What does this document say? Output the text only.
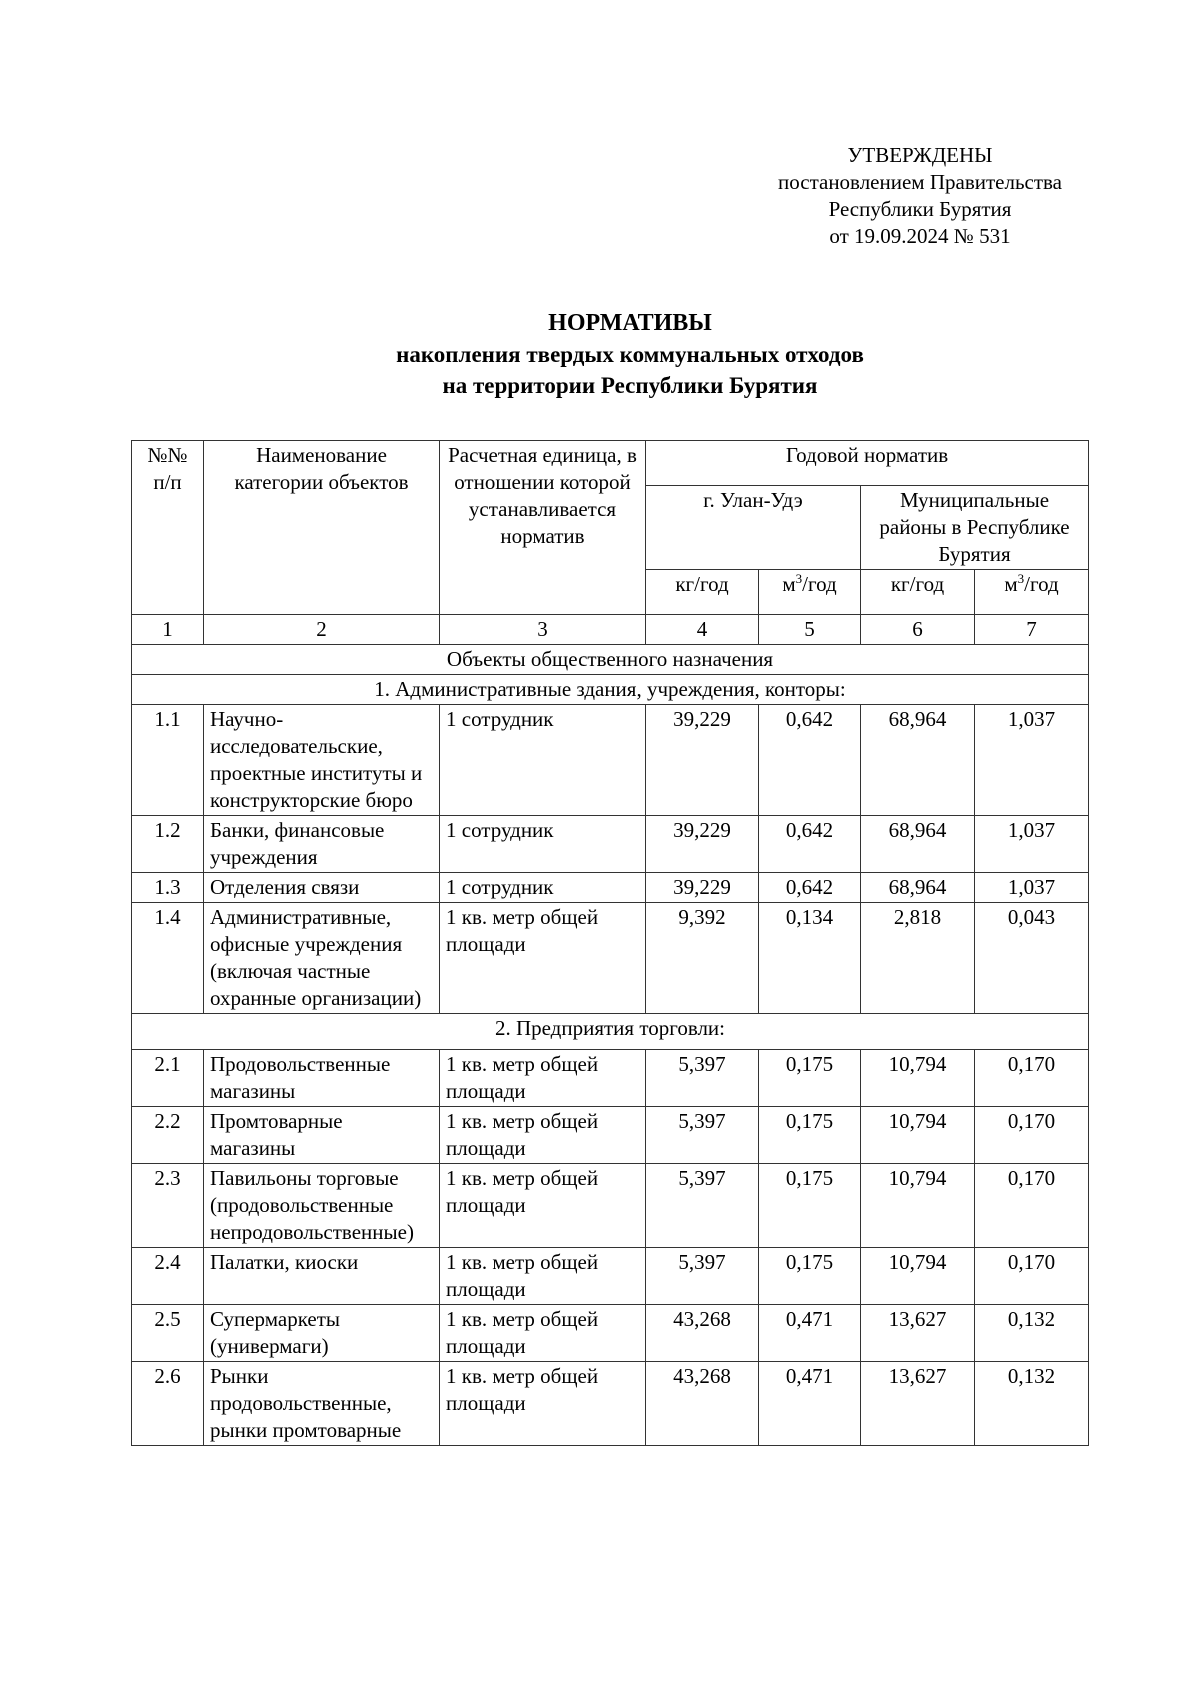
УТВЕРЖДЕНЫ
постановлением Правительства
Республики Бурятия
от 19.09.2024 № 531
НОРМАТИВЫ
накопления твердых коммунальных отходов
на территории Республики Бурятия
№№ п/п	Наименование категории объектов	Расчетная единица, в отношении которой устанавливается норматив	Годовой норматив			
			г. Улан-Удэ		Муниципальные районы в Республике Бурятия	
			кг/год	$м^3$/год	кг/год	$м^3$/год
1	2	3	4	5	6	7
Объекты общественного назначения						
1. Административные здания, учреждения, конторы:						
1.1	Научно-исследовательские, проектные институты и конструкторские бюро	1 сотрудник	39,229	0,642	68,964	1,037
1.2	Банки, финансовые учреждения	1 сотрудник	39,229	0,642	68,964	1,037
1.3	Отделения связи	1 сотрудник	39,229	0,642	68,964	1,037
1.4	Административные, офисные учреждения (включая частные охранные организации)	1 кв. метр общей площади	9,392	0,134	2,818	0,043
2. Предприятия торговли:						
2.1	Продовольственные магазины	1 кв. метр общей площади	5,397	0,175	10,794	0,170
2.2	Промтоварные магазины	1 кв. метр общей площади	5,397	0,175	10,794	0,170
2.3	Павильоны торговые (продовольственные непродовольственные)	1 кв. метр общей площади	5,397	0,175	10,794	0,170
2.4	Палатки, киоски	1 кв. метр общей площади	5,397	0,175	10,794	0,170
2.5	Супермаркеты (универмаги)	1 кв. метр общей площади	43,268	0,471	13,627	0,132
2.6	Рынки продовольственные, рынки промтоварные	1 кв. метр общей площади	43,268	0,471	13,627	0,132
